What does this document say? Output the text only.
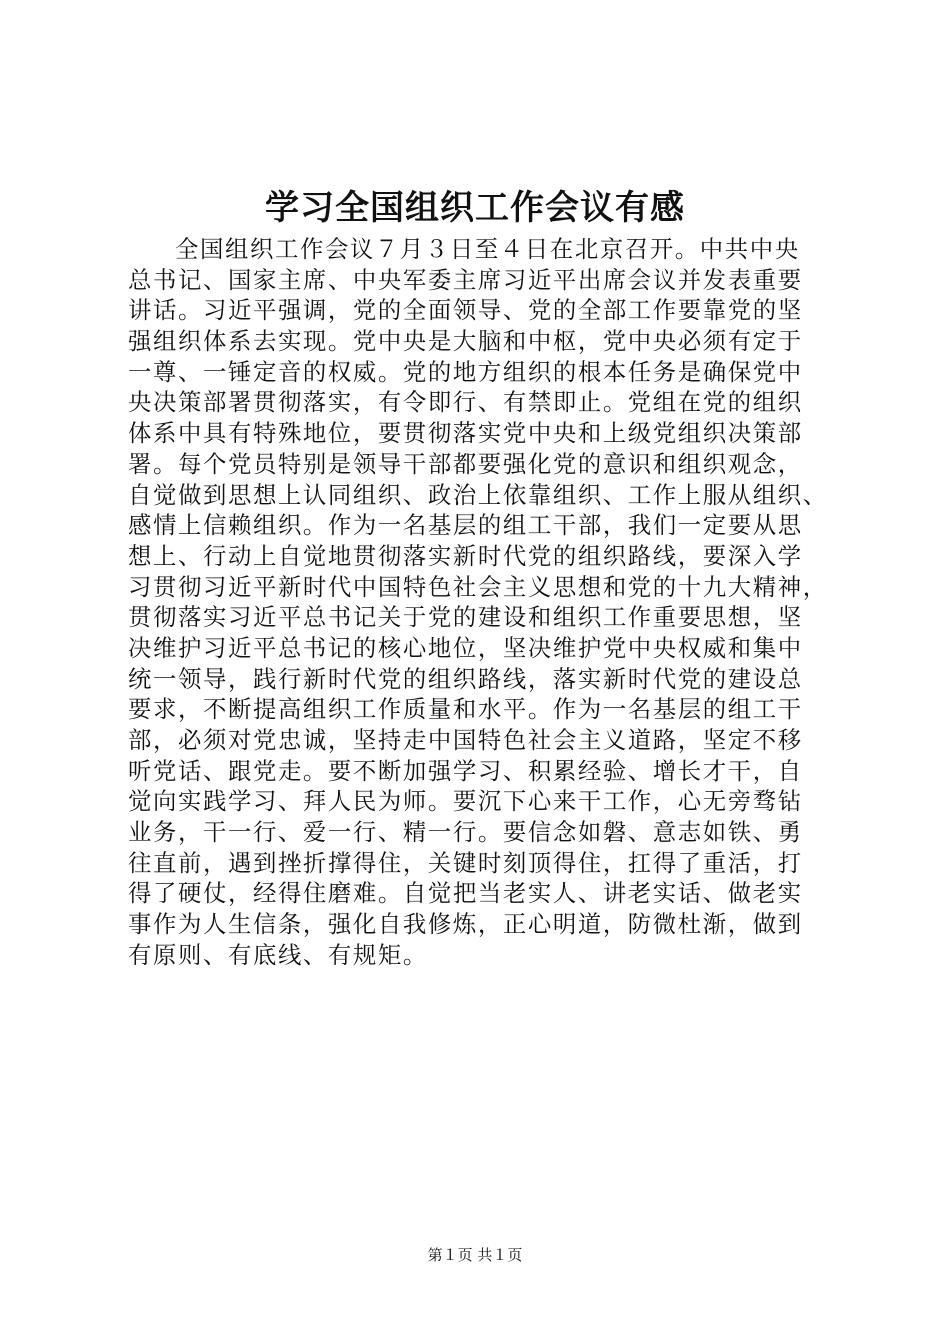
学习全国组织工作会议有感
全国组织工作会议７月３日至４日在北京召开。中共中央
总书记、国家主席、中央军委主席习近平出席会议并发表重要
讲话。习近平强调，党的全面领导、党的全部工作要靠党的坚
强组织体系去实现。党中央是大脑和中枢，党中央必须有定于
一尊、一锤定音的权威。党的地方组织的根本任务是确保党中
央决策部署贯彻落实，有令即行、有禁即止。党组在党的组织
体系中具有特殊地位，要贯彻落实党中央和上级党组织决策部
署。每个党员特别是领导干部都要强化党的意识和组织观念，
自觉做到思想上认同组织、政治上依靠组织、工作上服从组织、
感情上信赖组织。作为一名基层的组工干部，我们一定要从思
想上、行动上自觉地贯彻落实新时代党的组织路线，要深入学
习贯彻习近平新时代中国特色社会主义思想和党的十九大精神，
贯彻落实习近平总书记关于党的建设和组织工作重要思想，坚
决维护习近平总书记的核心地位，坚决维护党中央权威和集中
统一领导，践行新时代党的组织路线，落实新时代党的建设总
要求，不断提高组织工作质量和水平。作为一名基层的组工干
部，必须对党忠诚，坚持走中国特色社会主义道路，坚定不移
听党话、跟党走。要不断加强学习、积累经验、增长才干，自
觉向实践学习、拜人民为师。要沉下心来干工作，心无旁骛钻
业务，干一行、爱一行、精一行。要信念如磐、意志如铁、勇
往直前，遇到挫折撑得住，关键时刻顶得住，扛得了重活，打
得了硬仗，经得住磨难。自觉把当老实人、讲老实话、做老实
事作为人生信条，强化自我修炼，正心明道，防微杜渐，做到
有原则、有底线、有规矩。
第１页 共１页
